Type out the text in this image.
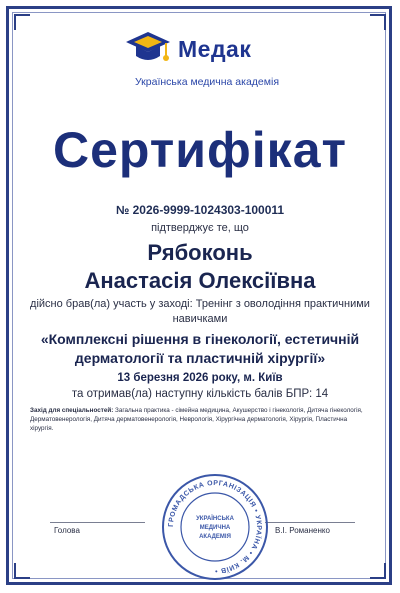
Медак
Українська медична академія
Сертифікат
№ 2026-9999-1024303-100011
підтверджує те, що
Рябоконь
Анастасія Олексіївна
дійсно брав(ла) участь у заході: Тренінг з оволодіння практичними навичками
«Комплексні рішення в гінекології, естетичній дерматології та пластичній хірургії»
13 березня 2026 року, м. Київ
та отримав(ла) наступну кількість балів БПР: 14
Захід для спеціальностей: Загальна практика - сімейна медицина, Акушерство і гінекологія, Дитяча гінекологія, Дерматовенерологія, Дитяча дерматовенерологія, Неврологія, Хірургічна дерматологія, Хірургія, Пластична хірургія.
Голова	В.І. Романенко
ГРОМАДСЬКА ОРГАНІЗАЦІЯ • УКРАЇНА • М. КИЇВ •
УКРАЇНСЬКА
МЕДИЧНА
АКАДЕМІЯ
